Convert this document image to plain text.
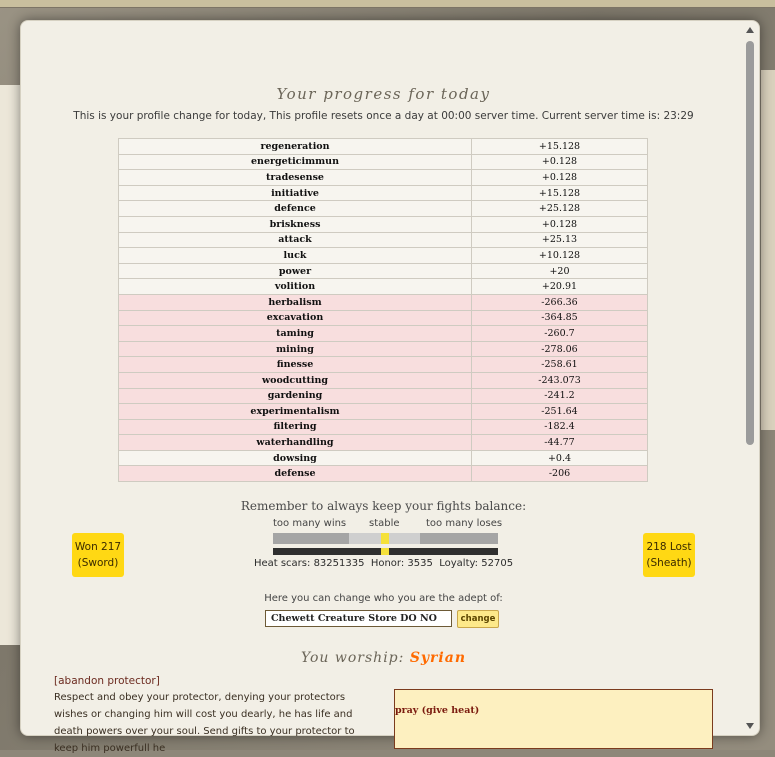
Your progress for today
This is your profile change for today, This profile resets once a day at 00:00 server time. Current server time is: 23:29
regeneration	+15.128
energeticimmun	+0.128
tradesense	+0.128
initiative	+15.128
defence	+25.128
briskness	+0.128
attack	+25.13
luck	+10.128
power	+20
volition	+20.91
herbalism	-266.36
excavation	-364.85
taming	-260.7
mining	-278.06
finesse	-258.61
woodcutting	-243.073
gardening	-241.2
experimentalism	-251.64
filtering	-182.4
waterhandling	-44.77
dowsing	+0.4
defense	-206
Remember to always keep your fights balance:
too many wins stable	too many loses
Heat scars: 83251335 Honor: 3535 Loyalty: 52705
Won 217
(Sword)
218 Lost
(Sheath)
Here you can change who you are the adept of:
Chewett Creature Store DO NO	change
You worship: Syrian
[abandon protector]
Respect and obey your protector, denying your protectors wishes or changing him will cost you dearly, he has life and death powers over your soul. Send gifts to your protector to keep him powerfull he
pray (give heat)
